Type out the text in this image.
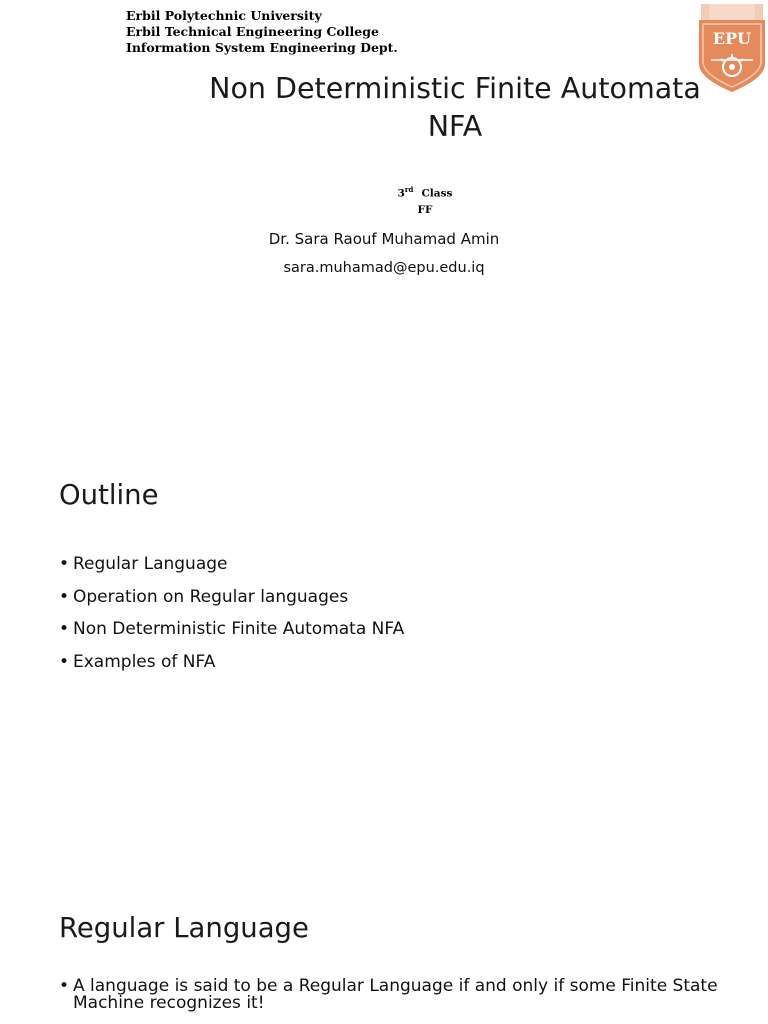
Erbil Polytechnic University
Erbil Technical Engineering College
Information System Engineering Dept.	EPU
Non Deterministic Finite Automata
NFA
3rd Class
FF
Dr. Sara Raouf Muhamad Amin
sara.muhamad@epu.edu.iq
Outline
• Regular Language
• Operation on Regular languages
• Non Deterministic Finite Automata NFA
• Examples of NFA
Regular Language
• A language is said to be a Regular Language if and only if some Finite State Machine recognizes it!
